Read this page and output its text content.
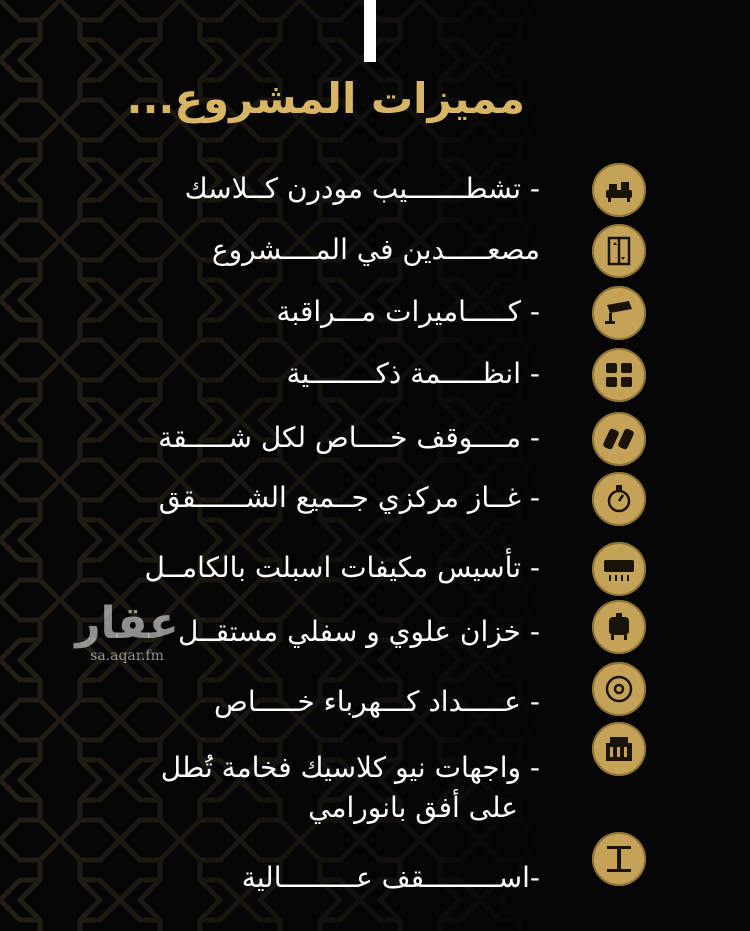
مميزات المشروع...
- تشطـــــــيب مودرن كــلاسك
مصعـــــدين في المــــشروع
- كـــــاميرات مـــراقبة
- انظـــــمة ذكــــــــية
- مــــوقف خــــاص لكل شـــــقة
- غــاز مركزي جــميع الشــــــقق
- تأسيس مكيفات اسبلت بالكامــل
- خزان علوي و سفلي مستقــل
- عـــــداد كـــهرباء خـــــاص
- واجهات نيو كلاسيك فخامة تُطل
على أفق بانورامي
-اســـــــــقف عـــــــــالية
عقار
sa.aqar.fm
